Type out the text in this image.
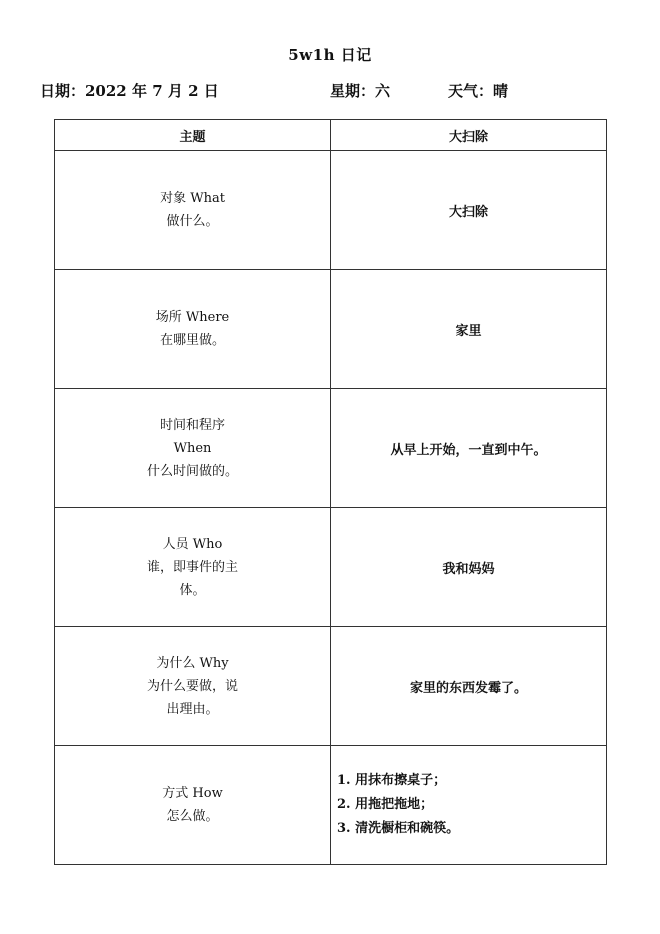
5w1h 日记
日期：2022 年 7 月 2 日	星期：六	天气：晴
主题	大扫除

对象 What
做什么。	大扫除

场所 Where
在哪里做。	家里

时间和程序
When
什么时间做的。	从早上开始，一直到中午。

人员 Who
谁，即事件的主
体。	我和妈妈

为什么 Why
为什么要做，说
出理由。	家里的东西发霉了。

方式 How
怎么做。	1. 用抹布擦桌子；
2. 用拖把拖地；
3. 清洗橱柜和碗筷。
